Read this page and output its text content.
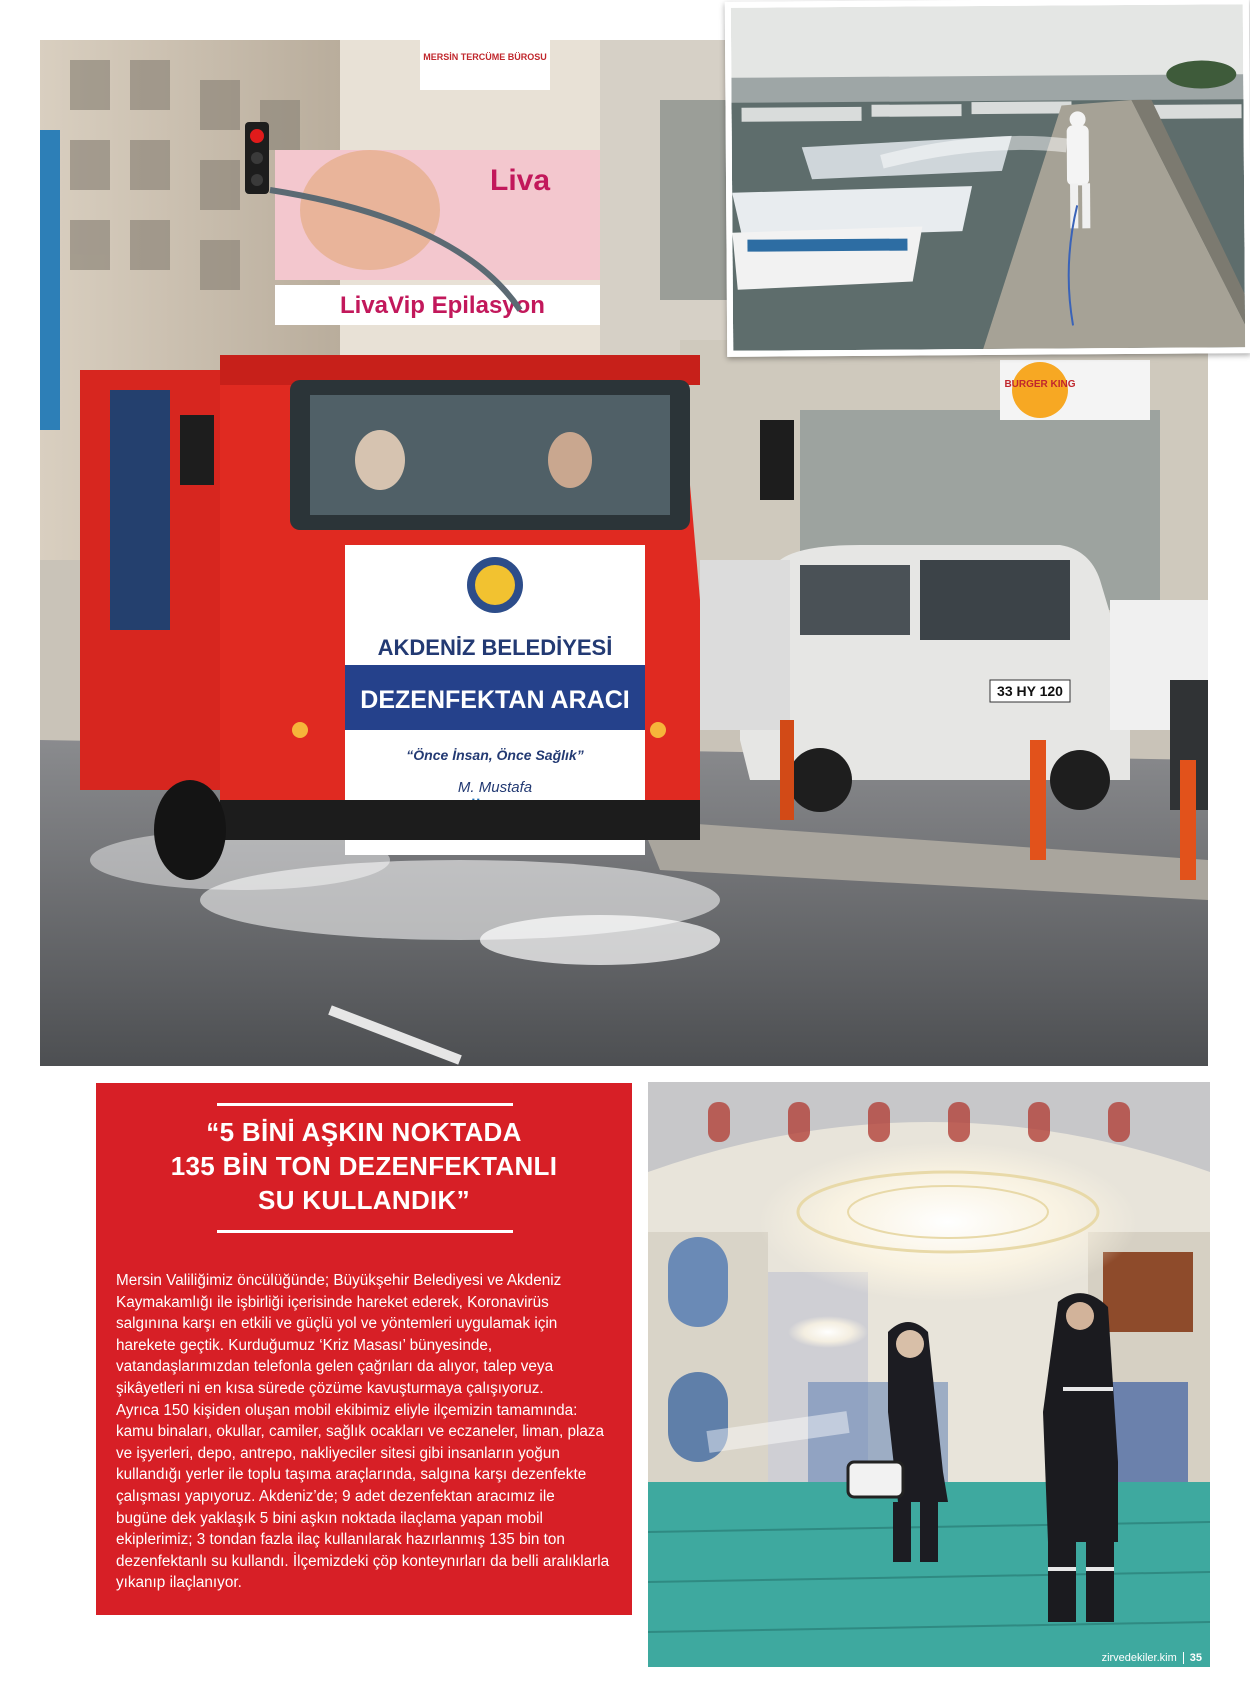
MERSİN TERCÜME BÜROSU
Liva
LivaVip Epilasyon
BURGER KING
33 HY 120
AKDENİZ BELEDİYESİ
DEZENFEKTAN ARACI
“Önce İnsan, Önce Sağlık”
M. Mustafa
“5 BİNİ AŞKIN NOKTADA
135 BİN TON DEZENFEKTANLI
SU KULLANDIK”

Mersin Valiliğimiz öncülüğünde; Büyükşehir Belediyesi ve Akdeniz Kaymakamlığı ile işbirliği içerisinde hareket ederek, Koronavirüs salgınına karşı en etkili ve güçlü yol ve yöntemleri uygulamak için harekete geçtik. Kurduğumuz ‘Kriz Masası’ bünyesinde, vatandaşlarımızdan telefonla gelen çağrıları da alıyor, talep veya şikâyetleri ni en kısa sürede çözüme kavuşturmaya çalışıyoruz.

Ayrıca 150 kişiden oluşan mobil ekibimiz eliyle ilçemizin tamamında: kamu binaları, okullar, camiler, sağlık ocakları ve eczaneler, liman, plaza ve işyerleri, depo, antrepo, nakliyeciler sitesi gibi insanların yoğun kullandığı yerler ile toplu taşıma araçlarında, salgına karşı dezenfekte çalışması yapıyoruz. Akdeniz’de; 9 adet dezenfektan aracımız ile bugüne dek yaklaşık 5 bini aşkın noktada ilaçlama yapan mobil ekiplerimiz; 3 tondan fazla ilaç kullanılarak hazırlanmış 135 bin ton dezenfektanlı su kullandı. İlçemizdeki çöp konteynırları da belli aralıklarla yıkanıp ilaçlanıyor.

zirvedekiler.kim 35
